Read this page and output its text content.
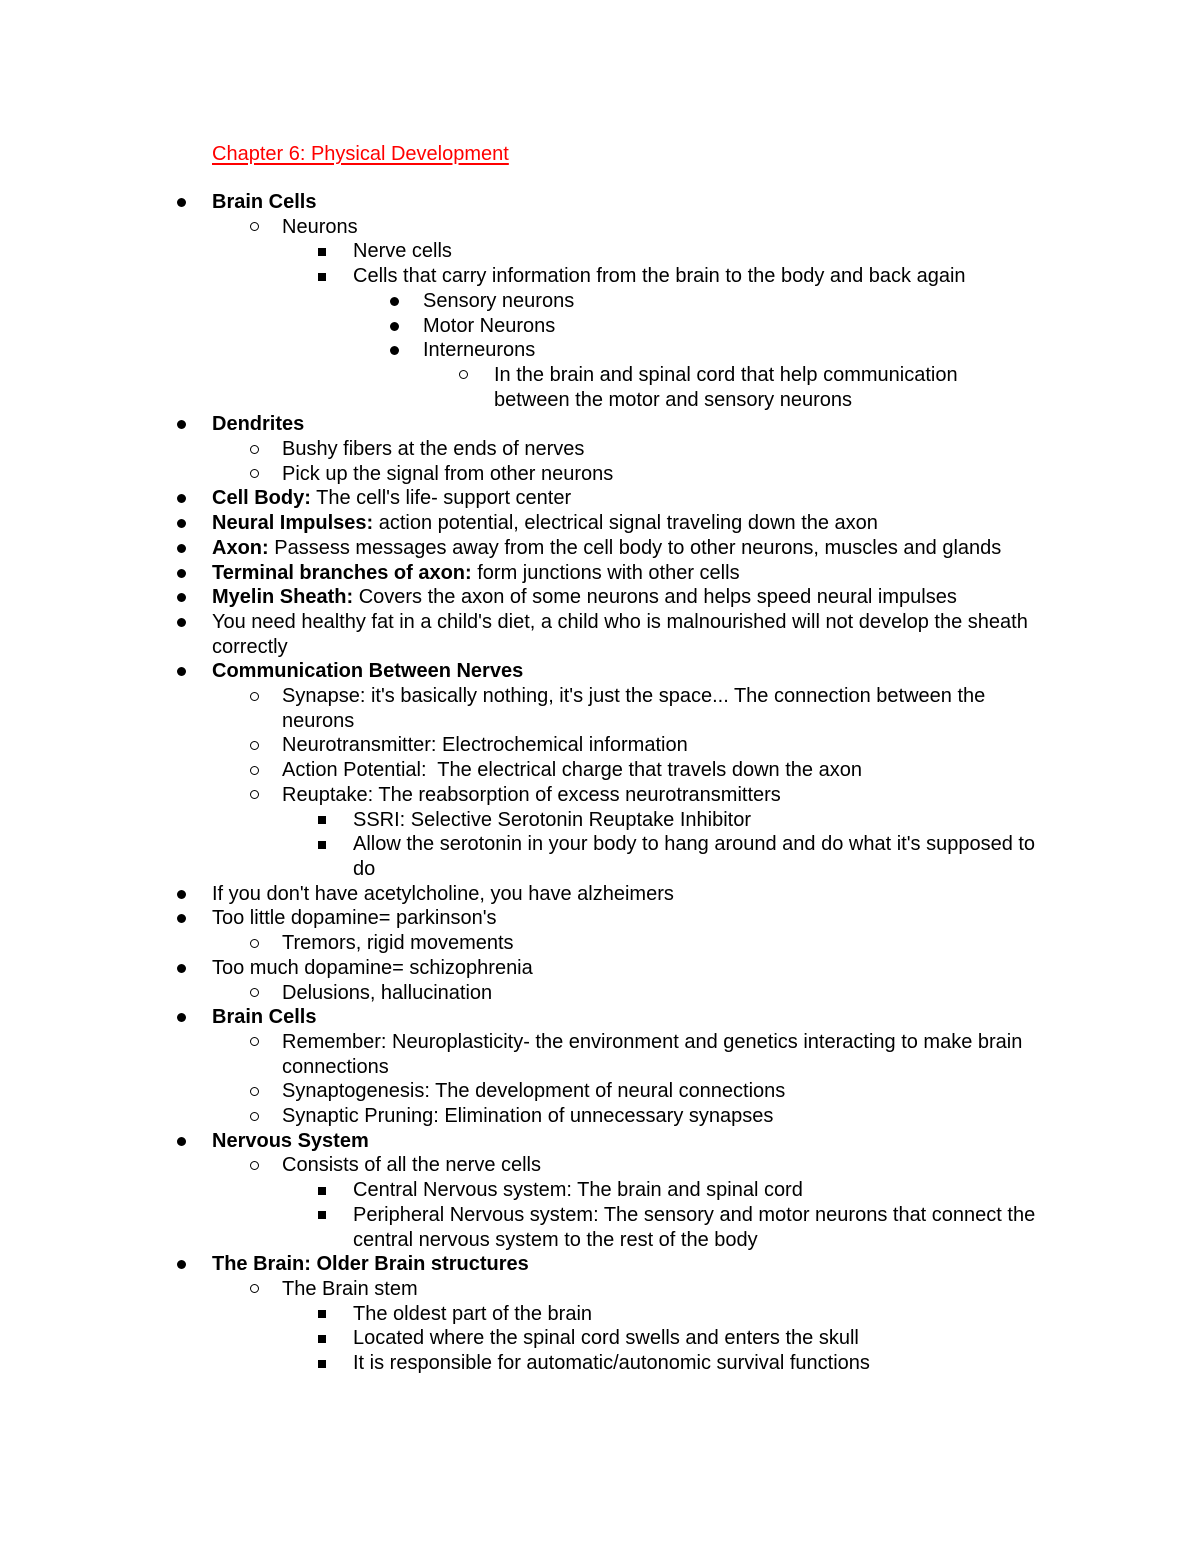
Chapter 6: Physical Development
Brain Cells
Neurons
Nerve cells
Cells that carry information from the brain to the body and back again
Sensory neurons
Motor Neurons
Interneurons
In the brain and spinal cord that help communication between the motor and sensory neurons
Dendrites
Bushy fibers at the ends of nerves
Pick up the signal from other neurons
Cell Body: The cell's life- support center
Neural Impulses: action potential, electrical signal traveling down the axon
Axon: Passess messages away from the cell body to other neurons, muscles and glands
Terminal branches of axon: form junctions with other cells
Myelin Sheath: Covers the axon of some neurons and helps speed neural impulses
You need healthy fat in a child's diet, a child who is malnourished will not develop the sheath correctly
Communication Between Nerves
Synapse: it's basically nothing, it's just the space... The connection between the neurons
Neurotransmitter: Electrochemical information
Action Potential:  The electrical charge that travels down the axon
Reuptake: The reabsorption of excess neurotransmitters
SSRI: Selective Serotonin Reuptake Inhibitor
Allow the serotonin in your body to hang around and do what it's supposed to do
If you don't have acetylcholine, you have alzheimers
Too little dopamine= parkinson's
Tremors, rigid movements
Too much dopamine= schizophrenia
Delusions, hallucination
Brain Cells
Remember: Neuroplasticity- the environment and genetics interacting to make brain connections
Synaptogenesis: The development of neural connections
Synaptic Pruning: Elimination of unnecessary synapses
Nervous System
Consists of all the nerve cells
Central Nervous system: The brain and spinal cord
Peripheral Nervous system: The sensory and motor neurons that connect the central nervous system to the rest of the body
The Brain: Older Brain structures
The Brain stem
The oldest part of the brain
Located where the spinal cord swells and enters the skull
It is responsible for automatic/autonomic survival functions
